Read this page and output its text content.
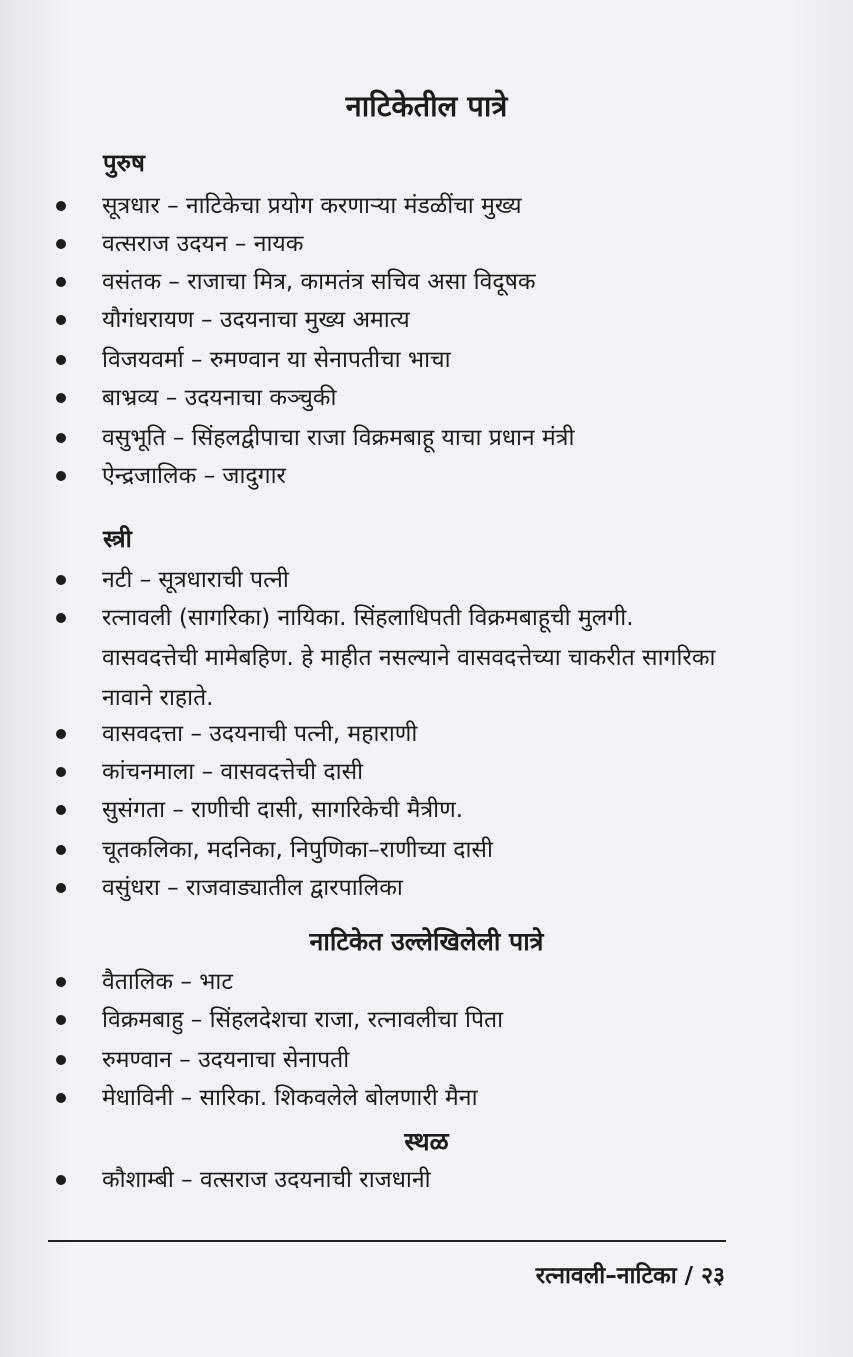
नाटिकेतील पात्रे
पुरुष
सूत्रधार – नाटिकेचा प्रयोग करणाऱ्या मंडळींचा मुख्य
वत्सराज उदयन – नायक
वसंतक – राजाचा मित्र, कामतंत्र सचिव असा विदूषक
यौगंधरायण – उदयनाचा मुख्य अमात्य
विजयवर्मा – रुमण्वान या सेनापतीचा भाचा
बाभ्रव्य – उदयनाचा कञ्चुकी
वसुभूति – सिंहलद्वीपाचा राजा विक्रमबाहू याचा प्रधान मंत्री
ऐन्द्रजालिक – जादुगार
स्त्री
नटी – सूत्रधाराची पत्नी
रत्नावली (सागरिका) नायिका. सिंहलाधिपती विक्रमबाहूची मुलगी. वासवदत्तेची मामेबहिण. हे माहीत नसल्याने वासवदत्तेच्या चाकरीत सागरिका नावाने राहाते.
वासवदत्ता – उदयनाची पत्नी, महाराणी
कांचनमाला – वासवदत्तेची दासी
सुसंगता – राणीची दासी, सागरिकेची मैत्रीण.
चूतकलिका, मदनिका, निपुणिका–राणीच्या दासी
वसुंधरा – राजवाड्यातील द्वारपालिका
नाटिकेत उल्लेखिलेली पात्रे
वैतालिक – भाट
विक्रमबाहु – सिंहलदेशचा राजा, रत्नावलीचा पिता
रुमण्वान – उदयनाचा सेनापती
मेधाविनी – सारिका. शिकवलेले बोलणारी मैना
स्थळ
कौशाम्बी – वत्सराज उदयनाची राजधानी
रत्नावली–नाटिका / २३
